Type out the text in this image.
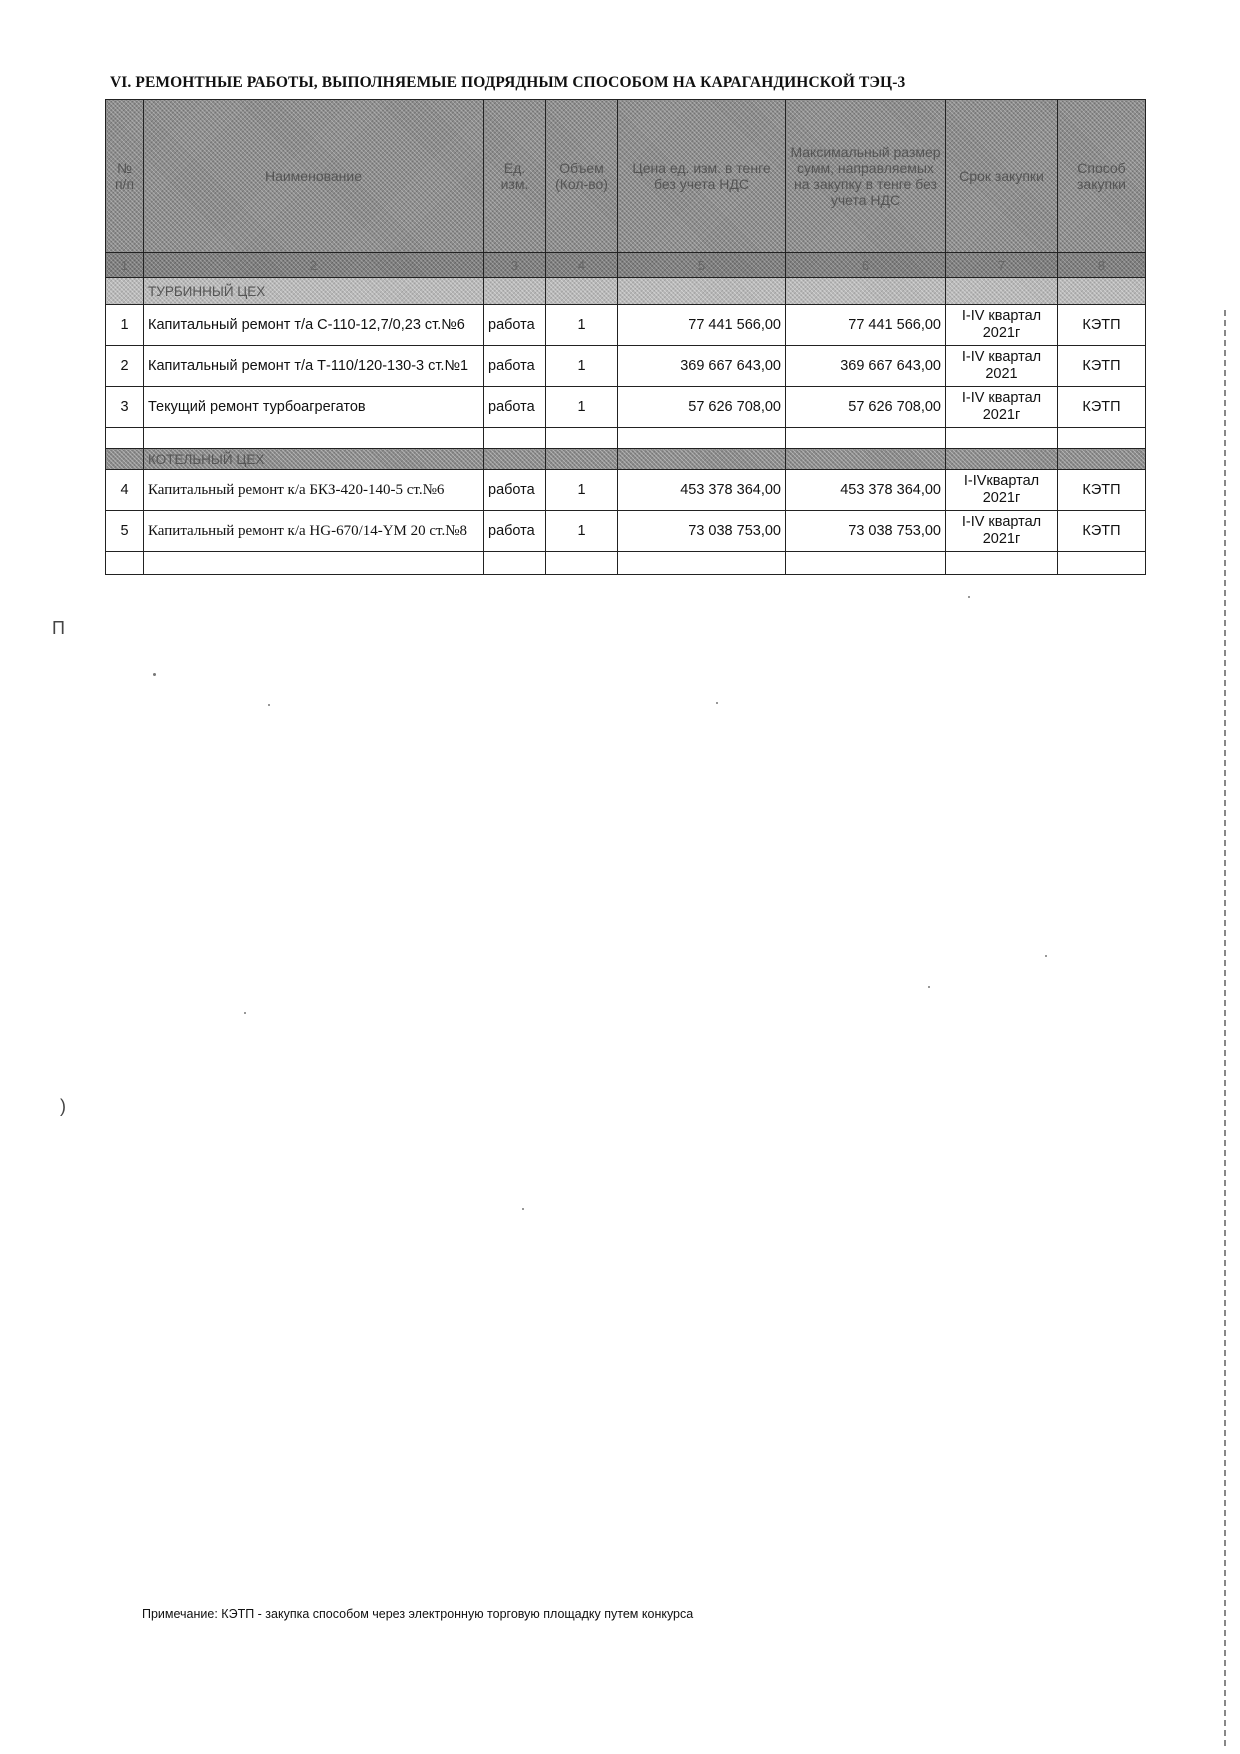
VI. РЕМОНТНЫЕ РАБОТЫ, ВЫПОЛНЯЕМЫЕ ПОДРЯДНЫМ СПОСОБОМ НА КАРАГАНДИНСКОЙ ТЭЦ-3
№ п/п	Наименование	Ед. изм.	Объем (Кол-во)	Цена ед. изм. в тенге без учета НДС	Максимальный размер сумм, направляемых на закупку в тенге без учета НДС	Срок закупки	Способ закупки
1	2	3	4	5	6	7	8
	ТУРБИННЫЙ ЦЕХ						
1	Капитальный ремонт т/а С-110-12,7/0,23 ст.№6	работа	1	77 441 566,00	77 441 566,00	I-IV квартал 2021г	КЭТП
2	Капитальный ремонт т/а Т-110/120-130-3 ст.№1	работа	1	369 667 643,00	369 667 643,00	I-IV квартал 2021	КЭТП
3	Текущий ремонт турбоагрегатов	работа	1	57 626 708,00	57 626 708,00	I-IV квартал 2021г	КЭТП

	КОТЕЛЬНЫЙ ЦЕХ						
4	Капитальный ремонт к/а БКЗ-420-140-5 ст.№6	работа	1	453 378 364,00	453 378 364,00	I-IVквартал 2021г	КЭТП
5	Капитальный ремонт к/а HG-670/14-YM 20 ст.№8	работа	1	73 038 753,00	73 038 753,00	I-IV квартал 2021г	КЭТП

П
)
Примечание: КЭТП - закупка способом через электронную торговую площадку путем конкурса
